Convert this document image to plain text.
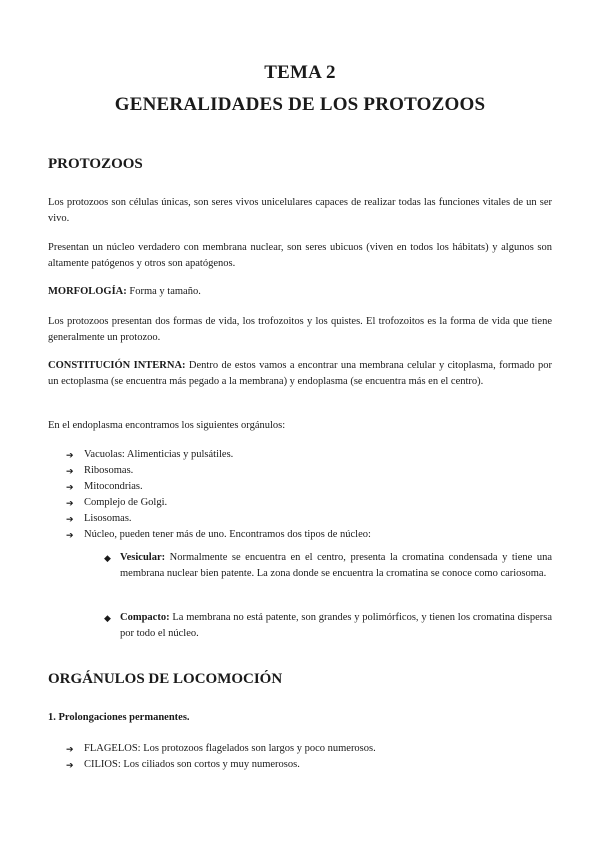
TEMA 2
GENERALIDADES DE LOS PROTOZOOS
PROTOZOOS
Los protozoos son células únicas, son seres vivos unicelulares capaces de realizar todas las funciones vitales de un ser vivo.
Presentan un núcleo verdadero con membrana nuclear, son seres ubicuos (viven en todos los hábitats) y algunos son altamente patógenos y otros son apatógenos.
MORFOLOGÍA: Forma y tamaño.
Los protozoos presentan dos formas de vida, los trofozoitos y los quistes. El trofozoitos es la forma de vida que tiene generalmente un protozoo.
CONSTITUCIÓN INTERNA: Dentro de estos vamos a encontrar una membrana celular y citoplasma, formado por un ectoplasma (se encuentra más pegado a la membrana) y endoplasma (se encuentra más en el centro).
En el endoplasma encontramos los siguientes orgánulos:
➔ Vacuolas: Alimenticias y pulsátiles.
➔ Ribosomas.
➔ Mitocondrias.
➔ Complejo de Golgi.
➔ Lisosomas.
➔ Núcleo, pueden tener más de uno. Encontramos dos tipos de núcleo:
◆ Vesicular: Normalmente se encuentra en el centro, presenta la cromatina condensada y tiene una membrana nuclear bien patente. La zona donde se encuentra la cromatina se conoce como cariosoma.
◆ Compacto: La membrana no está patente, son grandes y polimórficos, y tienen los cromatina dispersa por todo el núcleo.
ORGÁNULOS DE LOCOMOCIÓN
1. Prolongaciones permanentes.
➔ FLAGELOS: Los protozoos flagelados son largos y poco numerosos.
➔ CILIOS: Los ciliados son cortos y muy numerosos.
